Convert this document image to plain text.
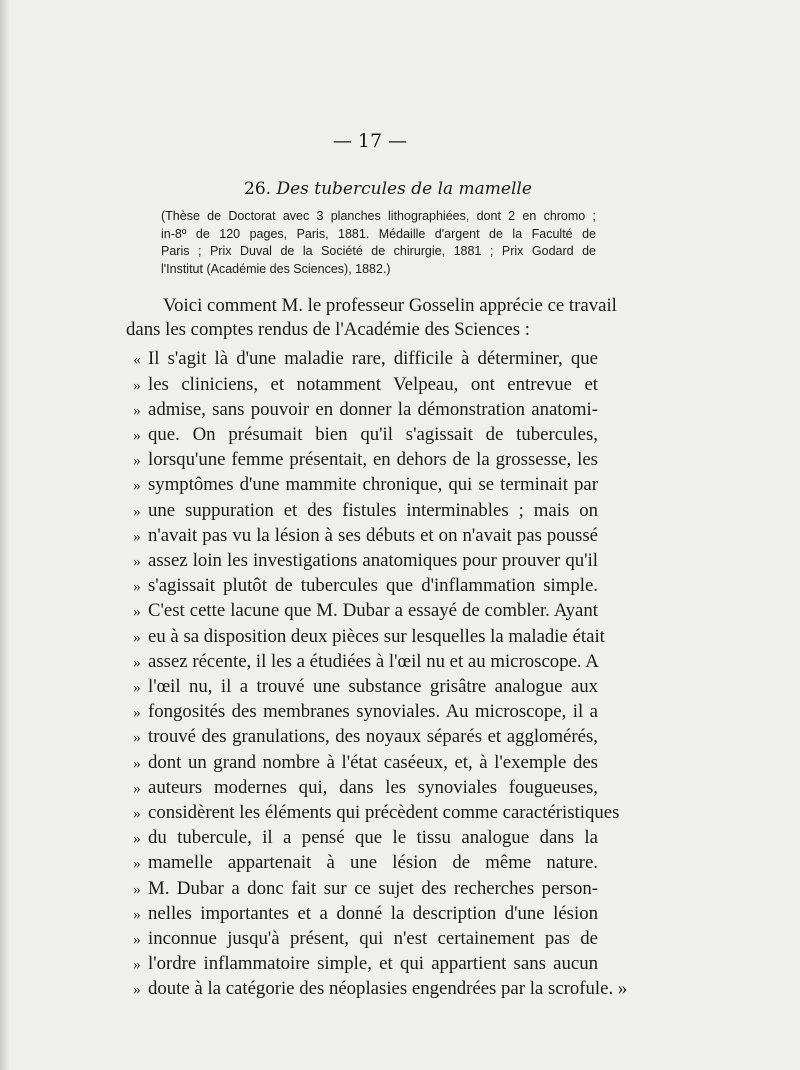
— 17 —
26. Des tubercules de la mamelle
(Thèse de Doctorat avec 3 planches lithographiées, dont 2 en chromo ;
in-8º de 120 pages, Paris, 1881. Médaille d'argent de la Faculté de
Paris ; Prix Duval de la Société de chirurgie, 1881 ; Prix Godard de
l'Institut (Académie des Sciences), 1882.)
Voici comment M. le professeur Gosselin apprécie ce travail
dans les comptes rendus de l'Académie des Sciences :
« Il s'agit là d'une maladie rare, difficile à déterminer, que
» les cliniciens, et notamment Velpeau, ont entrevue et
» admise, sans pouvoir en donner la démonstration anatomi-
» que. On présumait bien qu'il s'agissait de tubercules,
» lorsqu'une femme présentait, en dehors de la grossesse, les
» symptômes d'une mammite chronique, qui se terminait par
» une suppuration et des fistules interminables ; mais on
» n'avait pas vu la lésion à ses débuts et on n'avait pas poussé
» assez loin les investigations anatomiques pour prouver qu'il
» s'agissait plutôt de tubercules que d'inflammation simple.
» C'est cette lacune que M. Dubar a essayé de combler. Ayant
» eu à sa disposition deux pièces sur lesquelles la maladie était
» assez récente, il les a étudiées à l'œil nu et au microscope. A
» l'œil nu, il a trouvé une substance grisâtre analogue aux
» fongosités des membranes synoviales. Au microscope, il a
» trouvé des granulations, des noyaux séparés et agglomérés,
» dont un grand nombre à l'état caséeux, et, à l'exemple des
» auteurs modernes qui, dans les synoviales fougueuses,
» considèrent les éléments qui précèdent comme caractéristiques
» du tubercule, il a pensé que le tissu analogue dans la
» mamelle appartenait à une lésion de même nature.
» M. Dubar a donc fait sur ce sujet des recherches person-
» nelles importantes et a donné la description d'une lésion
» inconnue jusqu'à présent, qui n'est certainement pas de
» l'ordre inflammatoire simple, et qui appartient sans aucun
» doute à la catégorie des néoplasies engendrées par la scrofule. »
